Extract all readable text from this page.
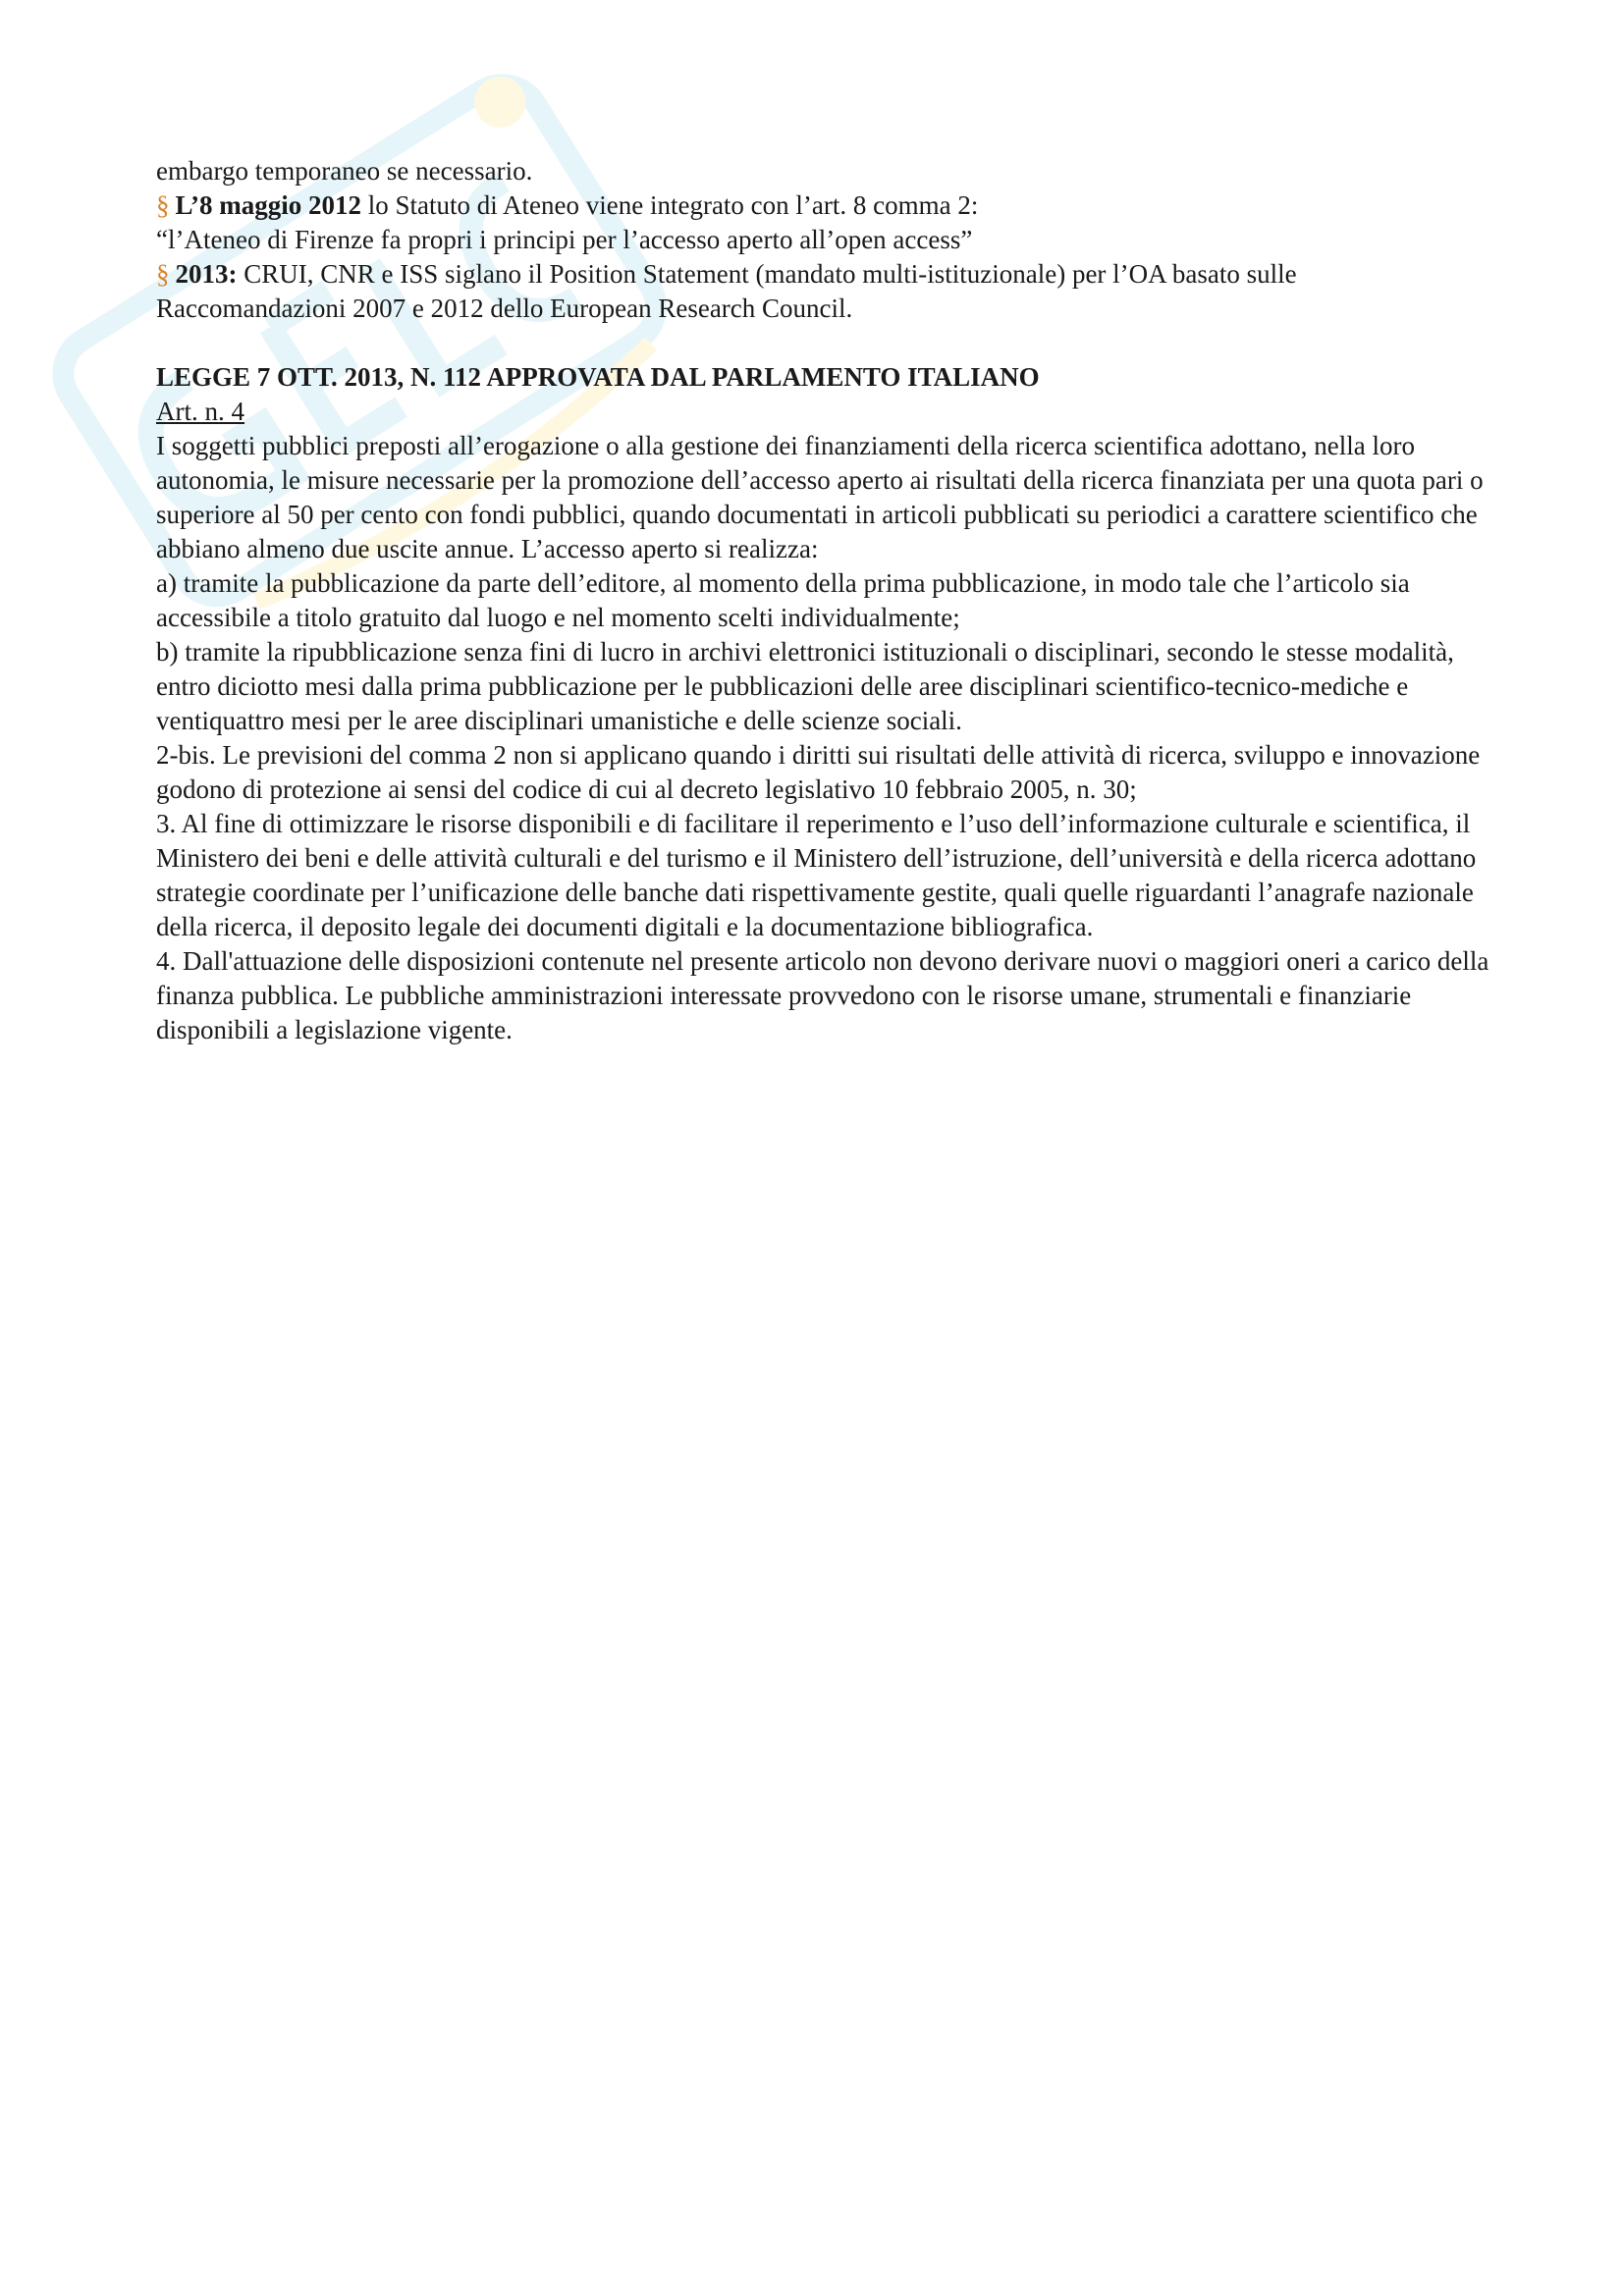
embargo temporaneo se necessario.

§ L’8 maggio 2012 lo Statuto di Ateneo viene integrato con l’art. 8 comma 2:

“l’Ateneo di Firenze fa propri i principi per l’accesso aperto all’open access”

§ 2013: CRUI, CNR e ISS siglano il Position Statement (mandato multi-istituzionale) per l’OA basato sulle Raccomandazioni 2007 e 2012 dello European Research Council.

LEGGE 7 OTT. 2013, N. 112 APPROVATA DAL PARLAMENTO ITALIANO

Art. n. 4

I soggetti pubblici preposti all’erogazione o alla gestione dei finanziamenti della ricerca scientifica adottano, nella loro autonomia, le misure necessarie per la promozione dell’accesso aperto ai risultati della ricerca finanziata per una quota pari o superiore al 50 per cento con fondi pubblici, quando documentati in articoli pubblicati su periodici a carattere scientifico che abbiano almeno due uscite annue. L’accesso aperto si realizza:

a) tramite la pubblicazione da parte dell’editore, al momento della prima pubblicazione, in modo tale che l’articolo sia accessibile a titolo gratuito dal luogo e nel momento scelti individualmente;

b) tramite la ripubblicazione senza fini di lucro in archivi elettronici istituzionali o disciplinari, secondo le stesse modalità, entro diciotto mesi dalla prima pubblicazione per le pubblicazioni delle aree disciplinari scientifico-tecnico-mediche e ventiquattro mesi per le aree disciplinari umanistiche e delle scienze sociali.

2-bis. Le previsioni del comma 2 non si applicano quando i diritti sui risultati delle attività di ricerca, sviluppo e innovazione godono di protezione ai sensi del codice di cui al decreto legislativo 10 febbraio 2005, n. 30;

3. Al fine di ottimizzare le risorse disponibili e di facilitare il reperimento e l’uso dell’informazione culturale e scientifica, il Ministero dei beni e delle attività culturali e del turismo e il Ministero dell’istruzione, dell’università e della ricerca adottano strategie coordinate per l’unificazione delle banche dati rispettivamente gestite, quali quelle riguardanti l’anagrafe nazionale della ricerca, il deposito legale dei documenti digitali e la documentazione bibliografica.

4. Dall'attuazione delle disposizioni contenute nel presente articolo non devono derivare nuovi o maggiori oneri a carico della finanza pubblica. Le pubbliche amministrazioni interessate provvedono con le risorse umane, strumentali e finanziarie disponibili a legislazione vigente.
